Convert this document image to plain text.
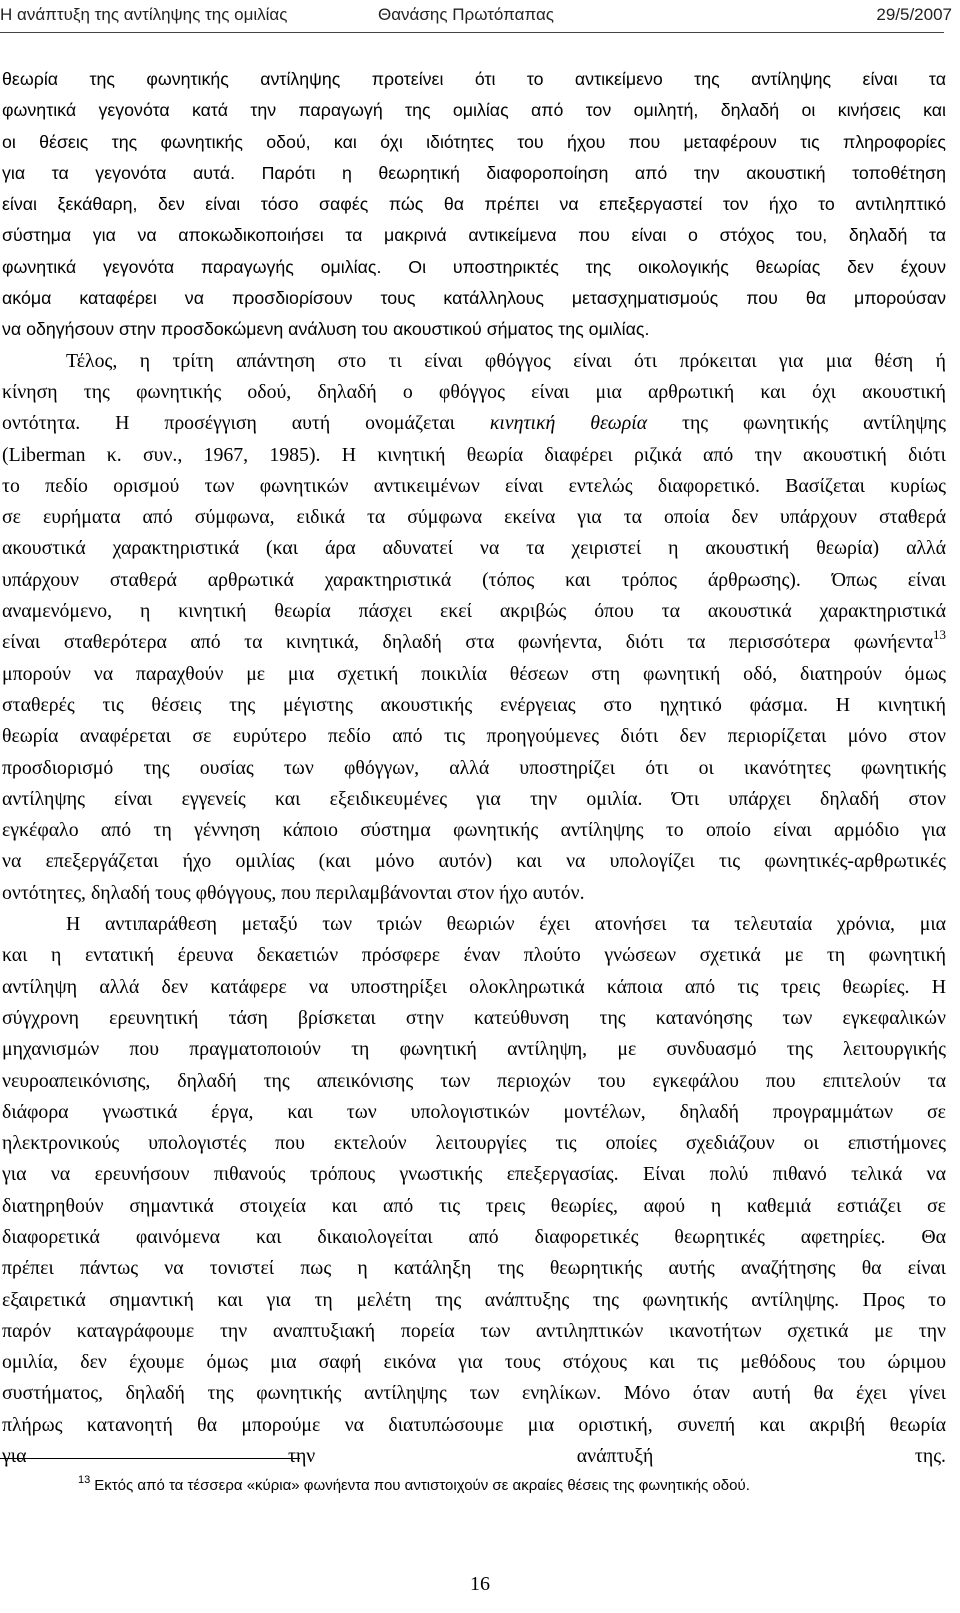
Η ανάπτυξη της αντίληψης της ομιλίας	Θανάσης Πρωτόπαπας	29/5/2007
θεωρία της φωνητικής αντίληψης προτείνει ότι το αντικείμενο της αντίληψης είναι τα
φωνητικά γεγονότα κατά την παραγωγή της ομιλίας από τον ομιλητή, δηλαδή οι κινήσεις και
οι θέσεις της φωνητικής οδού, και όχι ιδιότητες του ήχου που μεταφέρουν τις πληροφορίες
για τα γεγονότα αυτά. Παρότι η θεωρητική διαφοροποίηση από την ακουστική τοποθέτηση
είναι ξεκάθαρη, δεν είναι τόσο σαφές πώς θα πρέπει να επεξεργαστεί τον ήχο το αντιληπτικό
σύστημα για να αποκωδικοποιήσει τα μακρινά αντικείμενα που είναι ο στόχος του, δηλαδή τα
φωνητικά γεγονότα παραγωγής ομιλίας. Οι υποστηρικτές της οικολογικής θεωρίας δεν έχουν
ακόμα καταφέρει να προσδιορίσουν τους κατάλληλους μετασχηματισμούς που θα μπορούσαν
να οδηγήσουν στην προσδοκώμενη ανάλυση του ακουστικού σήματος της ομιλίας.
Τέλος, η τρίτη απάντηση στο τι είναι φθόγγος είναι ότι πρόκειται για μια θέση ή
κίνηση της φωνητικής οδού, δηλαδή ο φθόγγος είναι μια αρθρωτική και όχι ακουστική
οντότητα. Η προσέγγιση αυτή ονομάζεται κινητική θεωρία της φωνητικής αντίληψης
(Liberman κ. συν., 1967, 1985). Η κινητική θεωρία διαφέρει ριζικά από την ακουστική διότι
το πεδίο ορισμού των φωνητικών αντικειμένων είναι εντελώς διαφορετικό. Βασίζεται κυρίως
σε ευρήματα από σύμφωνα, ειδικά τα σύμφωνα εκείνα για τα οποία δεν υπάρχουν σταθερά
ακουστικά χαρακτηριστικά (και άρα αδυνατεί να τα χειριστεί η ακουστική θεωρία) αλλά
υπάρχουν σταθερά αρθρωτικά χαρακτηριστικά (τόπος και τρόπος άρθρωσης). Όπως είναι
αναμενόμενο, η κινητική θεωρία πάσχει εκεί ακριβώς όπου τα ακουστικά χαρακτηριστικά
είναι σταθερότερα από τα κινητικά, δηλαδή στα φωνήεντα, διότι τα περισσότερα φωνήεντα$^{13}$
μπορούν να παραχθούν με μια σχετική ποικιλία θέσεων στη φωνητική οδό, διατηρούν όμως
σταθερές τις θέσεις της μέγιστης ακουστικής ενέργειας στο ηχητικό φάσμα. Η κινητική
θεωρία αναφέρεται σε ευρύτερο πεδίο από τις προηγούμενες διότι δεν περιορίζεται μόνο στον
προσδιορισμό της ουσίας των φθόγγων, αλλά υποστηρίζει ότι οι ικανότητες φωνητικής
αντίληψης είναι εγγενείς και εξειδικευμένες για την ομιλία. Ότι υπάρχει δηλαδή στον
εγκέφαλο από τη γέννηση κάποιο σύστημα φωνητικής αντίληψης το οποίο είναι αρμόδιο για
να επεξεργάζεται ήχο ομιλίας (και μόνο αυτόν) και να υπολογίζει τις φωνητικές-αρθρωτικές
οντότητες, δηλαδή τους φθόγγους, που περιλαμβάνονται στον ήχο αυτόν.
Η αντιπαράθεση μεταξύ των τριών θεωριών έχει ατονήσει τα τελευταία χρόνια, μια
και η εντατική έρευνα δεκαετιών πρόσφερε έναν πλούτο γνώσεων σχετικά με τη φωνητική
αντίληψη αλλά δεν κατάφερε να υποστηρίξει ολοκληρωτικά κάποια από τις τρεις θεωρίες. Η
σύγχρονη ερευνητική τάση βρίσκεται στην κατεύθυνση της κατανόησης των εγκεφαλικών
μηχανισμών που πραγματοποιούν τη φωνητική αντίληψη, με συνδυασμό της λειτουργικής
νευροαπεικόνισης, δηλαδή της απεικόνισης των περιοχών του εγκεφάλου που επιτελούν τα
διάφορα γνωστικά έργα, και των υπολογιστικών μοντέλων, δηλαδή προγραμμάτων σε
ηλεκτρονικούς υπολογιστές που εκτελούν λειτουργίες τις οποίες σχεδιάζουν οι επιστήμονες
για να ερευνήσουν πιθανούς τρόπους γνωστικής επεξεργασίας. Είναι πολύ πιθανό τελικά να
διατηρηθούν σημαντικά στοιχεία και από τις τρεις θεωρίες, αφού η καθεμιά εστιάζει σε
διαφορετικά φαινόμενα και δικαιολογείται από διαφορετικές θεωρητικές αφετηρίες. Θα
πρέπει πάντως να τονιστεί πως η κατάληξη της θεωρητικής αυτής αναζήτησης θα είναι
εξαιρετικά σημαντική και για τη μελέτη της ανάπτυξης της φωνητικής αντίληψης. Προς το
παρόν καταγράφουμε την αναπτυξιακή πορεία των αντιληπτικών ικανοτήτων σχετικά με την
ομιλία, δεν έχουμε όμως μια σαφή εικόνα για τους στόχους και τις μεθόδους του ώριμου
συστήματος, δηλαδή της φωνητικής αντίληψης των ενηλίκων. Μόνο όταν αυτή θα έχει γίνει
πλήρως κατανοητή θα μπορούμε να διατυπώσουμε μια οριστική, συνεπή και ακριβή θεωρία
για την ανάπτυξή της.
$^{13}$ Εκτός από τα τέσσερα «κύρια» φωνήεντα που αντιστοιχούν σε ακραίες θέσεις της φωνητικής οδού.
16
